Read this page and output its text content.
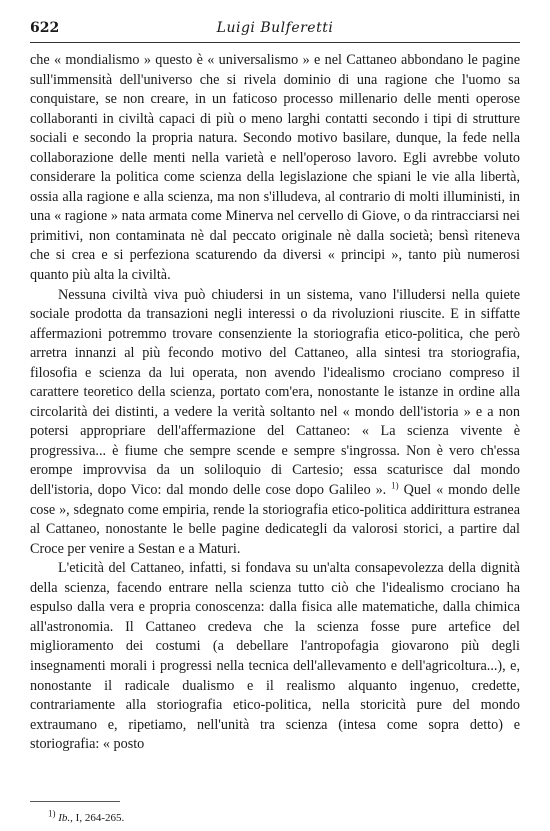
622	Luigi Bulferetti

che « mondialismo » questo è « universalismo » e nel Cattaneo abbondano le pagine sull'immensità dell'universo che si rivela dominio di una ragione che l'uomo sa conquistare, se non creare, in un faticoso processo millenario delle menti operose collaboranti in civiltà capaci di più o meno larghi contatti secondo i tipi di strutture sociali e secondo la propria natura. Secondo motivo basilare, dunque, la fede nella collaborazione delle menti nella varietà e nell'operoso lavoro. Egli avrebbe voluto considerare la politica come scienza della legislazione che spiani le vie alla libertà, ossia alla ragione e alla scienza, ma non s'illudeva, al contrario di molti illuministi, in una « ragione » nata armata come Minerva nel cervello di Giove, o da rintracciarsi nei primitivi, non contaminata nè dal peccato originale nè dalla società; bensì riteneva che si crea e si perfeziona scaturendo da diversi « principi », tanto più numerosi quanto più alta la civiltà.

Nessuna civiltà viva può chiudersi in un sistema, vano l'illudersi nella quiete sociale prodotta da transazioni negli interessi o da rivoluzioni riuscite. E in siffatte affermazioni potremmo trovare consenziente la storiografia etico-politica, che però arretra innanzi al più fecondo motivo del Cattaneo, alla sintesi tra storiografia, filosofia e scienza da lui operata, non avendo l'idealismo crociano compreso il carattere teoretico della scienza, portato com'era, nonostante le istanze in ordine alla circolarità dei distinti, a vedere la verità soltanto nel « mondo dell'istoria » e a non potersi appropriare dell'affermazione del Cattaneo: « La scienza vivente è progressiva... è fiume che sempre scende e sempre s'ingrossa. Non è vero ch'essa erompe improvvisa da un soliloquio di Cartesio; essa scaturisce dal mondo dell'istoria, dopo Vico: dal mondo delle cose dopo Galileo ». $^{1)}$ Quel « mondo delle cose », sdegnato come empiria, rende la storiografia etico-politica addirittura estranea al Cattaneo, nonostante le belle pagine dedicategli da valorosi storici, a partire dal Croce per venire a Sestan e a Maturi.

L'eticità del Cattaneo, infatti, si fondava su un'alta consapevolezza della dignità della scienza, facendo entrare nella scienza tutto ciò che l'idealismo crociano ha espulso dalla vera e propria conoscenza: dalla fisica alle matematiche, dalla chimica all'astronomia. Il Cattaneo credeva che la scienza fosse pure artefice del miglioramento dei costumi (a debellare l'antropofagia giovarono più degli insegnamenti morali i progressi nella tecnica dell'allevamento e dell'agricoltura...), e, nonostante il radicale dualismo e il realismo alquanto ingenuo, credette, contrariamente alla storiografia etico-politica, nella storicità pure del mondo extraumano e, ripetiamo, nell'unità tra scienza (intesa come sopra detto) e storiografia: « posto

$^{1)}$ Ib., I, 264-265.
